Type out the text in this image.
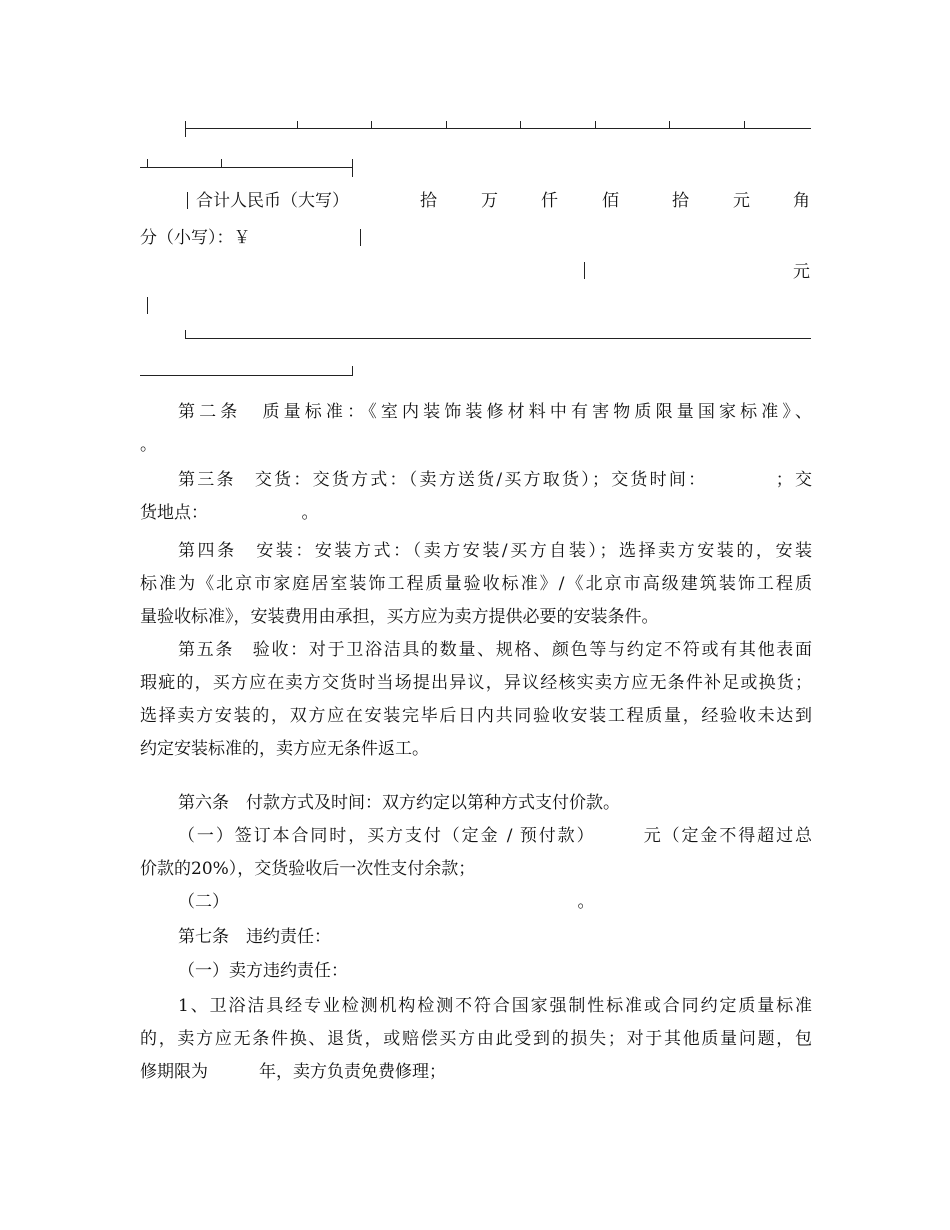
合计人民币（大写）	拾	万	仟	佰	拾	元	角
分（小写）：￥
元
第二条　质量标准：《室内装饰装修材料中有害物质限量国家标准》、
。
第三条　交货：交货方式：（卖方送货/买方取货）；交货时间：　　　　；交
货地点：　　　　　　。
第四条　安装：安装方式：（卖方安装/买方自装）；选择卖方安装的，安装
标准为《北京市家庭居室装饰工程质量验收标准》/《北京市高级建筑装饰工程质
量验收标准》，安装费用由承担，买方应为卖方提供必要的安装条件。
第五条　验收：对于卫浴洁具的数量、规格、颜色等与约定不符或有其他表面
瑕疵的，买方应在卖方交货时当场提出异议，异议经核实卖方应无条件补足或换货；
选择卖方安装的，双方应在安装完毕后日内共同验收安装工程质量，经验收未达到
约定安装标准的，卖方应无条件返工。
第六条　付款方式及时间：双方约定以第种方式支付价款。
（一）签订本合同时，买方支付（定金 / 预付款）　　　元（定金不得超过总
价款的20%），交货验收后一次性支付余款；
（二）　　　　　　　　　　　　　　　　　　　　　。
第七条　违约责任：
（一）卖方违约责任：
1、卫浴洁具经专业检测机构检测不符合国家强制性标准或合同约定质量标准
的，卖方应无条件换、退货，或赔偿买方由此受到的损失；对于其他质量问题，包
修期限为　　　年，卖方负责免费修理；
